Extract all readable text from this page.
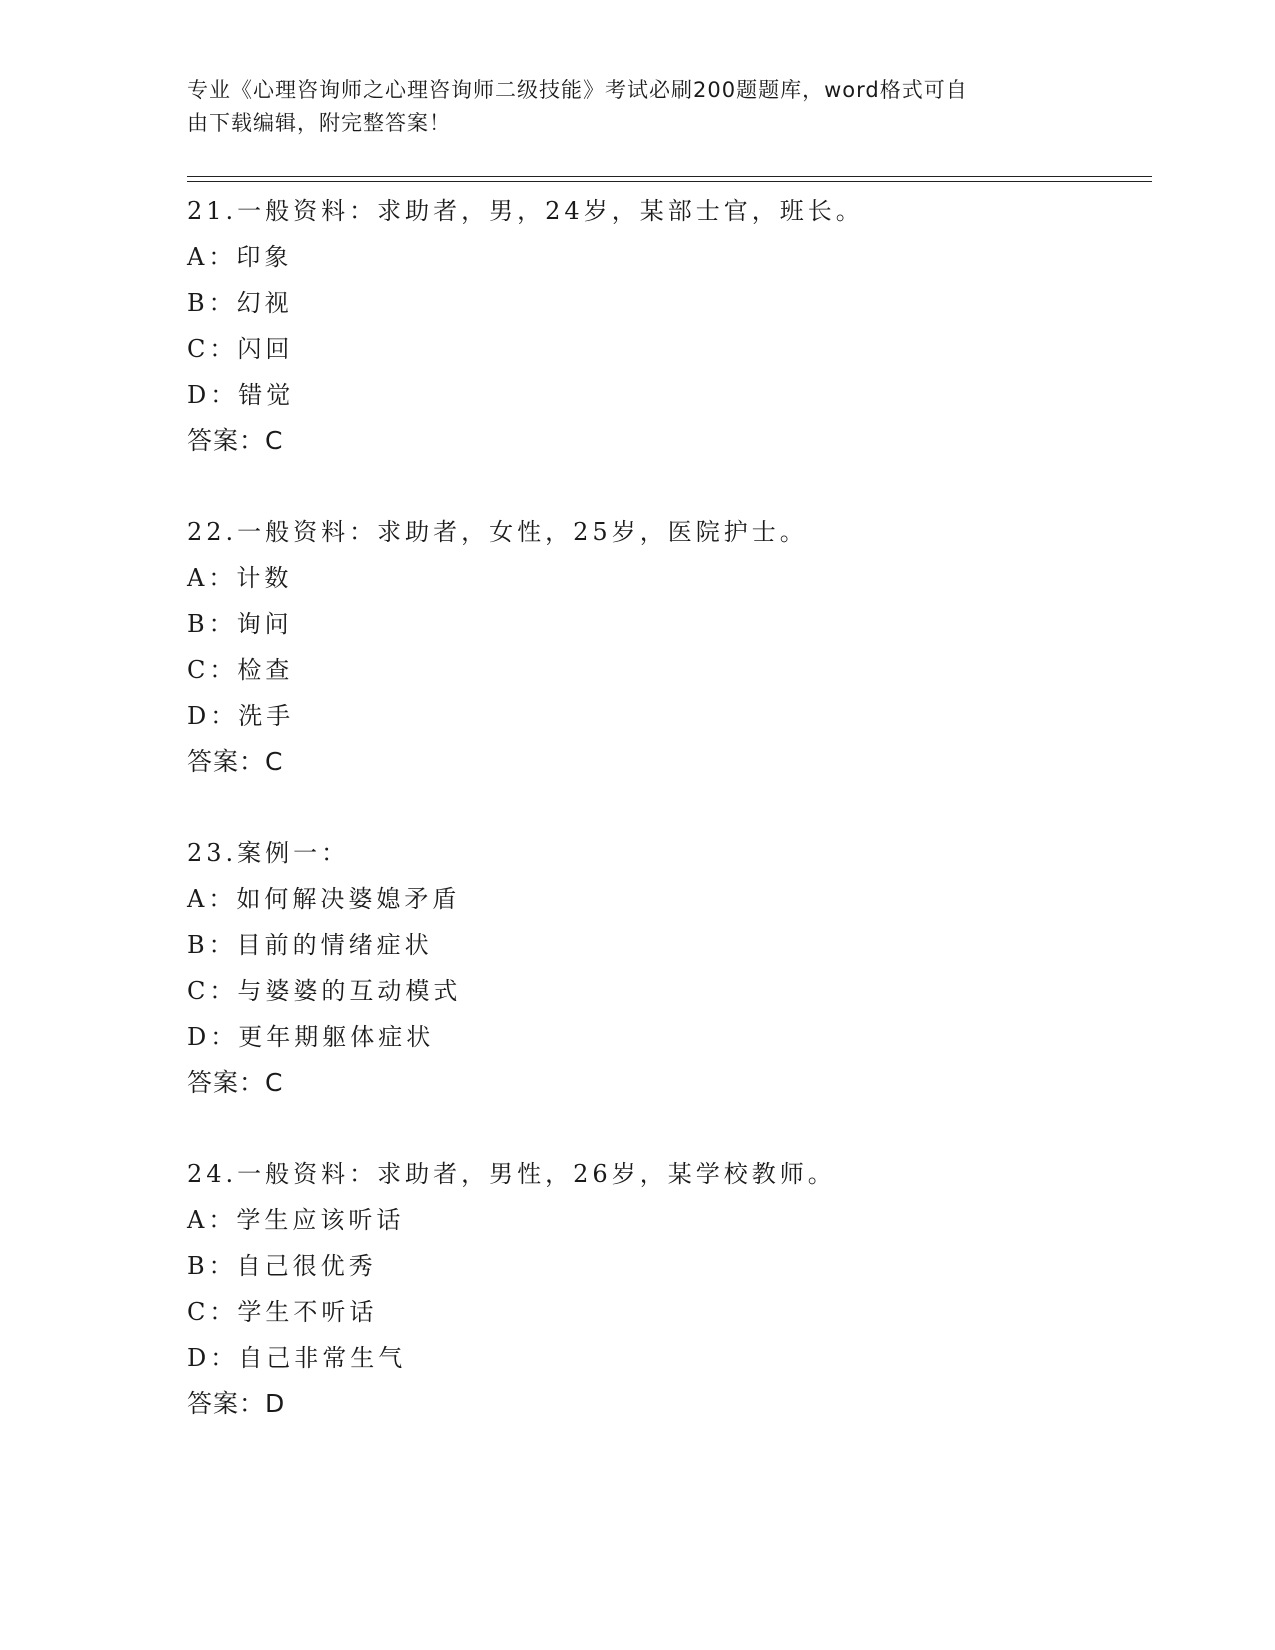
专业《心理咨询师之心理咨询师二级技能》考试必刷200题题库，word格式可自
由下载编辑，附完整答案！
21.一般资料：求助者，男，24岁，某部士官，班长。
A：印象
B：幻视
C：闪回
D：错觉
答案：C
22.一般资料：求助者，女性，25岁，医院护士。
A：计数
B：询问
C：检查
D：洗手
答案：C
23.案例一：
A：如何解决婆媳矛盾
B：目前的情绪症状
C：与婆婆的互动模式
D：更年期躯体症状
答案：C
24.一般资料：求助者，男性，26岁，某学校教师。
A：学生应该听话
B：自己很优秀
C：学生不听话
D：自己非常生气
答案：D
